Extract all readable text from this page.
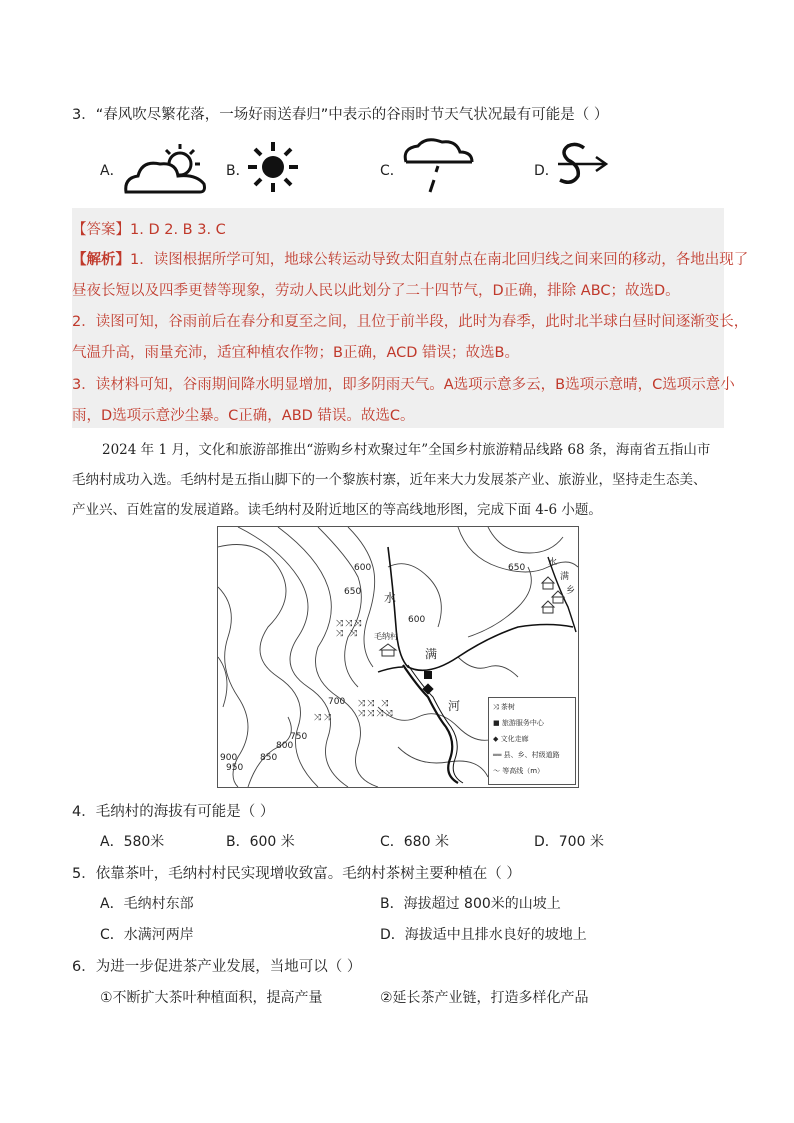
3．“春风吹尽繁花落，一场好雨送春归”中表示的谷雨时节天气状况最有可能是（ ）
A．	B．	C．	D．
【答案】1. D 2. B 3. C
【解析】1．读图根据所学可知，地球公转运动导致太阳直射点在南北回归线之间来回的移动，各地出现了
昼夜长短以及四季更替等现象，劳动人民以此划分了二十四节气，D正确，排除 ABC；故选D。
2．读图可知，谷雨前后在春分和夏至之间，且位于前半段，此时为春季，此时北半球白昼时间逐渐变长，
气温升高，雨量充沛，适宜种植农作物；B正确，ACD 错误；故选B。
3．读材料可知，谷雨期间降水明显增加，即多阴雨天气。A选项示意多云，B选项示意晴，C选项示意小
雨，D选项示意沙尘暴。C正确，ABD 错误。故选C。
2024 年 1 月，文化和旅游部推出“游购乡村欢聚过年”全国乡村旅游精品线路 68 条，海南省五指山市
毛纳村成功入选。毛纳村是五指山脚下的一个黎族村寨，近年来大力发展茶产业、旅游业，坚持走生态美、
产业兴、百姓富的发展道路。读毛纳村及附近地区的等高线地形图，完成下面 4-6 小题。
600
650
600
650
700
750
800
850
900
950
水
满
河
水
满
乡
毛纳村
⤨⤨⤨
⤨ ⤨
⤨⤨ ⤨
⤨⤨⤨⤨
⤨ ⤨
⤨ 茶树
■ 旅游服务中心
◆ 文化走廊
══ 县、乡、村级道路
～ 等高线（m）
4．毛纳村的海拔有可能是（ ）
A．580米	B．600 米	C．680 米	D．700 米
5．依靠茶叶，毛纳村村民实现增收致富。毛纳村茶树主要种植在（ ）
A．毛纳村东部	B．海拔超过 800米的山坡上
C．水满河两岸	D．海拔适中且排水良好的坡地上
6．为进一步促进茶产业发展，当地可以（ ）
①不断扩大茶叶种植面积，提高产量	②延长茶产业链，打造多样化产品
